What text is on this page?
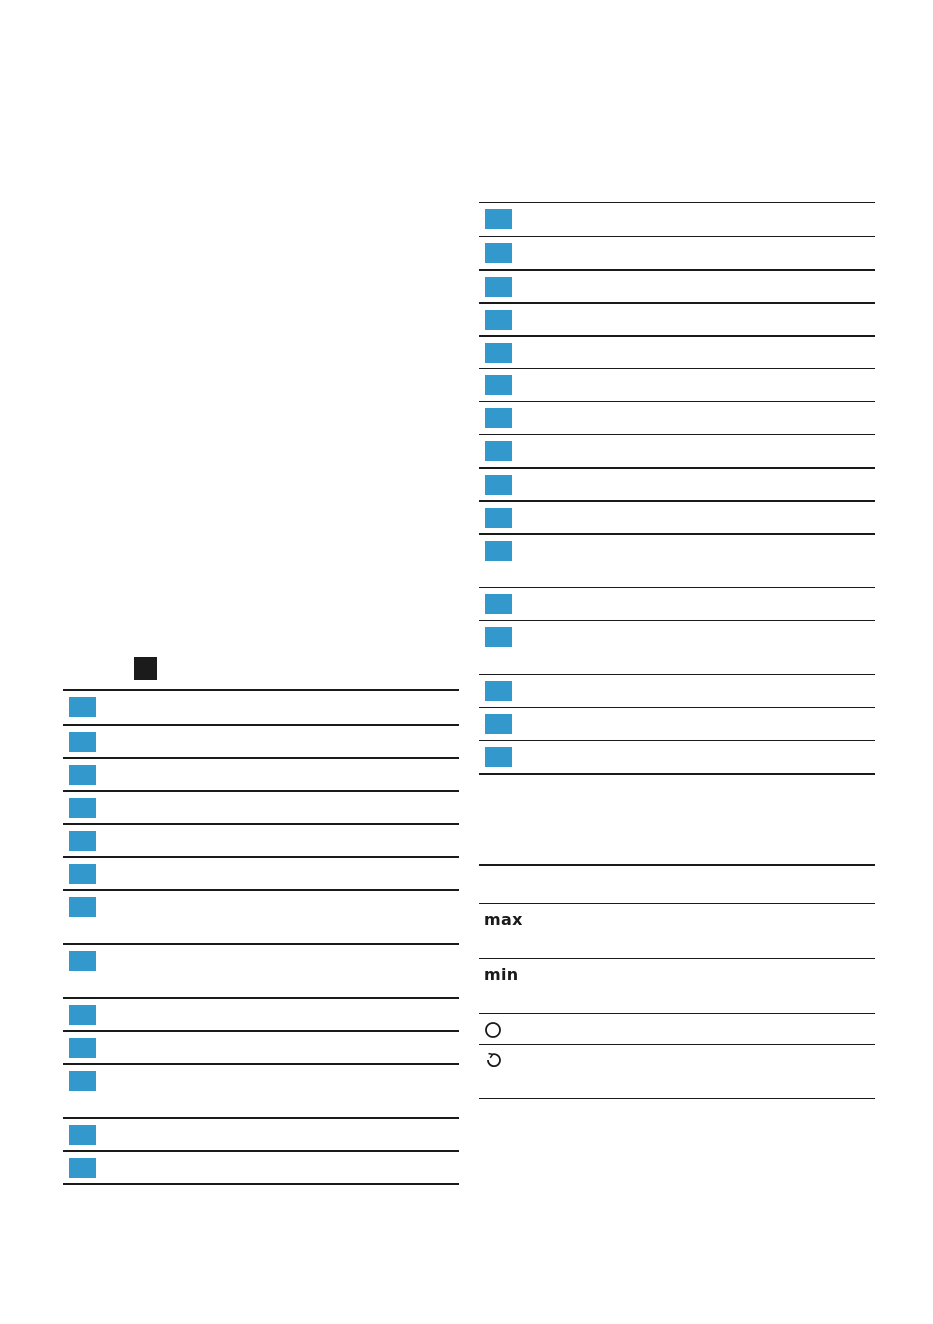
max
min
